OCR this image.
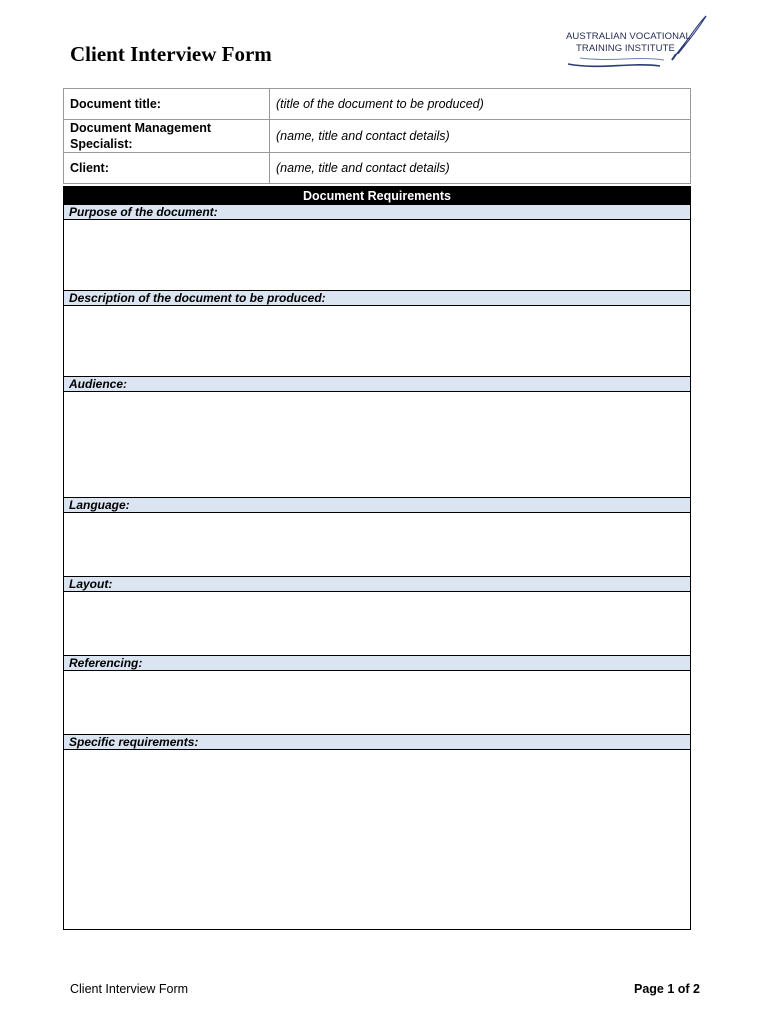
Client Interview Form
AUSTRALIAN VOCATIONAL
TRAINING INSTITUTE
Document title:	(title of the document to be produced)
Document Management Specialist:	(name, title and contact details)
Client:	(name, title and contact details)
Document Requirements
Purpose of the document:
Description of the document to be produced:
Audience:
Language:
Layout:
Referencing:
Specific requirements:
Client Interview Form	Page 1 of 2
